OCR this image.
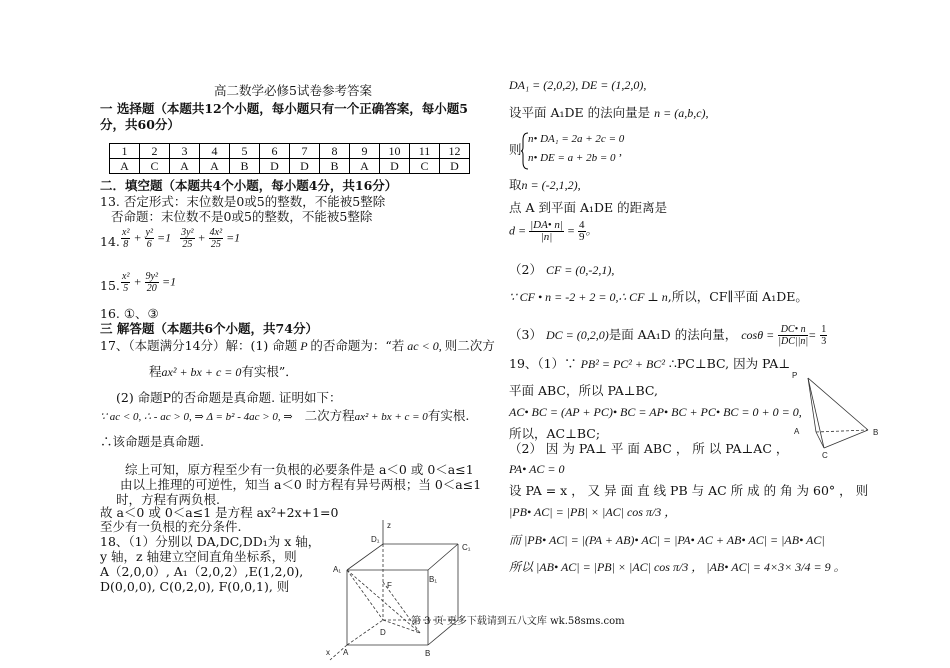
高二数学必修5试卷参考答案
一 选择题（本题共12个小题，每小题只有一个正确答案，每小题5
分，共60分）
1	2	3	4	5	6	7	8	9	10	11	12
A	C	A	A	B	D	D	B	A	D	C	D
二．填空题（本题共4个小题，每小题4分，共16分）
13. 否定形式：末位数是0或5的整数，不能被5整除
否命题：末位数不是0或5的整数，不能被5整除
14. $\frac{\text{x²}}{8} + \frac{\text{y²}}{6} =1 \frac{\text{3y²}}{25} + \frac{\text{4x²}}{25} =1$
15. $\frac{\text{x²}}{5} + \frac{\text{9y²}}{20} =1$
16. ①、③
三 解答题（本题共6个小题，共74分）
17、（本题满分14分）解：(1) 命题 P 的否命题为：“若 ac < 0, 则二次方
程ax² + bx + c = 0有实根”．
(2) 命题P的否命题是真命题. 证明如下：
∵ ac < 0, ∴ - ac > 0, ⇒ Δ = b² - 4ac > 0, ⇒ 二次方程ax² + bx + c = 0有实根.
∴该命题是真命题.
综上可知，原方程至少有一负根的必要条件是 a＜0 或 0＜a≤1
由以上推理的可逆性，知当 a＜0 时方程有异号两根；当 0＜a≤1
时，方程有两负根.
故 a＜0 或 0＜a≤1 是方程 ax²+2x+1=0
至少有一负根的充分条件.
18、（1）分别以 DA,DC,DD₁为 x 轴，
y 轴，z 轴建立空间直角坐标系，则
A（2,0,0）, A₁（2,0,2）,E(1,2,0),
D(0,0,0), C(0,2,0), F(0,0,1), 则
z
D₁
C₁
A₁
B₁
F
D
A	B
x
DA₁ = (2,0,2), DE = (1,2,0),
设平面 A₁DE 的法向量是 n = (a,b,c),
则
n• DA₁ = 2a + 2c = 0
n• DE = a + 2b = 0 ,
取n = (-2,1,2),
点 A 到平面 A₁DE 的距离是
$d = \frac{|DA• n|}{|n|} = \frac{4}{9}$ 。
（2） CF = (0,-2,1),
∵ CF • n = -2 + 2 = 0,∴ CF ⊥ n,所以，CF∥平面 A₁DE。
（3） DC = (0,2,0)是面 AA₁D 的法向量， $\cos\theta = \frac{DC• n}{|DC||n|} = \frac{1}{3}$
19、（1）∵ PB² = PC² + BC² ∴PC⊥BC, 因为 PA⊥
平面 ABC，所以 PA⊥BC,
AC• BC = (AP + PC)• BC = AP• BC + PC• BC = 0 + 0 = 0,
所以，AC⊥BC;
（2） 因 为 PA⊥ 平 面 ABC ， 所 以 PA⊥AC ，
PA• AC = 0
设 PA = x ， 又 异 面 直 线 PB 与 AC 所 成 的 角 为 60° ， 则
|PB• AC| = |PB| × |AC| cos π/3 ，
而 |PB• AC| = |(PA + AB)• AC| = |PA• AC + AB• AC| = |AB• AC|
所以 |AB• AC| = |PB| × |AC| cos π/3 ， |AB• AC| = 4×3× 3/4 = 9 。
P
A	B
C
第 3 页 更多下载请到五八文库 wk.58sms.com
